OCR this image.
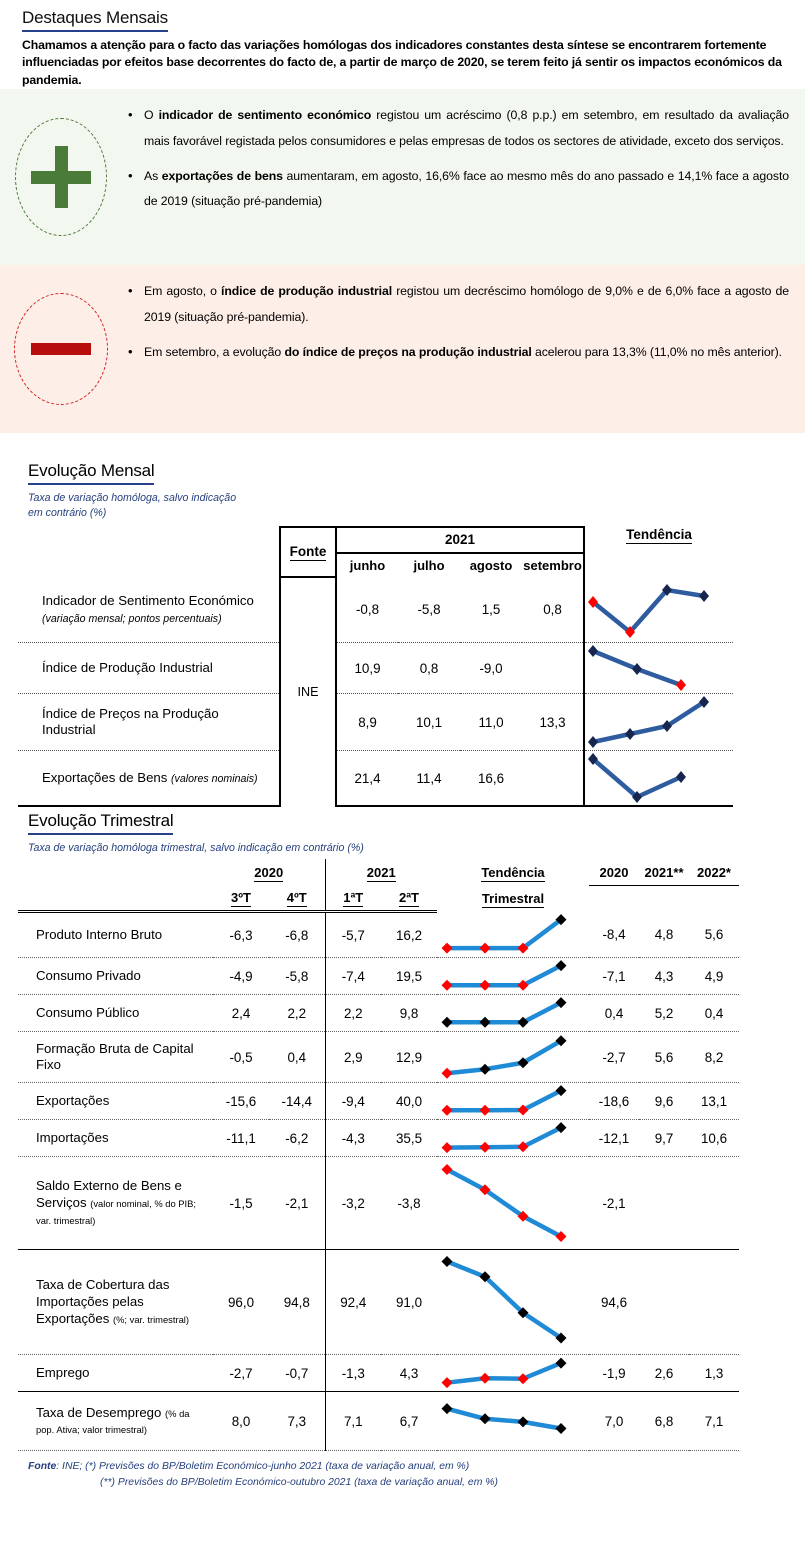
Destaques Mensais
Chamamos a atenção para o facto das variações homólogas dos indicadores constantes desta síntese se encontrarem fortemente influenciadas por efeitos base decorrentes do facto de, a partir de março de 2020, se terem feito já sentir os impactos económicos da pandemia.
• O indicador de sentimento económico registou um acréscimo (0,8 p.p.) em setembro, em resultado da avaliação mais favorável registada pelos consumidores e pelas empresas de todos os sectores de atividade, exceto dos serviços.
• As exportações de bens aumentaram, em agosto, 16,6% face ao mesmo mês do ano passado e 14,1% face a agosto de 2019 (situação pré-pandemia)
• Em agosto, o índice de produção industrial registou um decréscimo homólogo de 9,0% e de 6,0% face a agosto de 2019 (situação pré-pandemia).
• Em setembro, a evolução do índice de preços na produção industrial acelerou para 13,3% (11,0% no mês anterior).
Evolução Mensal
Taxa de variação homóloga, salvo indicação em contrário (%)
	Fonte	2021				Tendência
		junho	julho	agosto	setembro	
Indicador de Sentimento Económico (variação mensal; pontos percentuais)	INE	-0,8	-5,8	1,5	0,8	

Índice de Produção Industrial		10,9	0,8	-9,0		

Índice de Preços na Produção Industrial		8,9	10,1	11,0	13,3	

Exportações de Bens (valores nominais)		21,4	11,4	16,6		
Evolução Trimestral
Taxa de variação homóloga trimestral, salvo indicação em contrário (%)
	2020		2021		Tendência	2020	2021**	2022*
	3ºT	4ºT	1ªT	2ªT	Trimestral			
Produto Interno Bruto	-6,3	-6,8	-5,7	16,2		-8,4	4,8	5,6
Consumo Privado	-4,9	-5,8	-7,4	19,5		-7,1	4,3	4,9
Consumo Público	2,4	2,2	2,2	9,8		0,4	5,2	0,4
Formação Bruta de Capital Fixo	-0,5	0,4	2,9	12,9		-2,7	5,6	8,2
Exportações	-15,6	-14,4	-9,4	40,0		-18,6	9,6	13,1
Importações	-11,1	-6,2	-4,3	35,5		-12,1	9,7	10,6
Saldo Externo de Bens e Serviços (valor nominal, % do PIB; var. trimestral)	-1,5	-2,1	-3,2	-3,8		-2,1		
Taxa de Cobertura das Importações pelas Exportações (%; var. trimestral)	96,0	94,8	92,4	91,0		94,6		
Emprego	-2,7	-0,7	-1,3	4,3		-1,9	2,6	1,3
Taxa de Desemprego (% da pop. Ativa; valor trimestral)	8,0	7,3	7,1	6,7		7,0	6,8	7,1
Fonte: INE; (*) Previsões do BP/Boletim Económico-junho 2021 (taxa de variação anual, em %)
(**) Previsões do BP/Boletim Económico-outubro 2021 (taxa de variação anual, em %)
